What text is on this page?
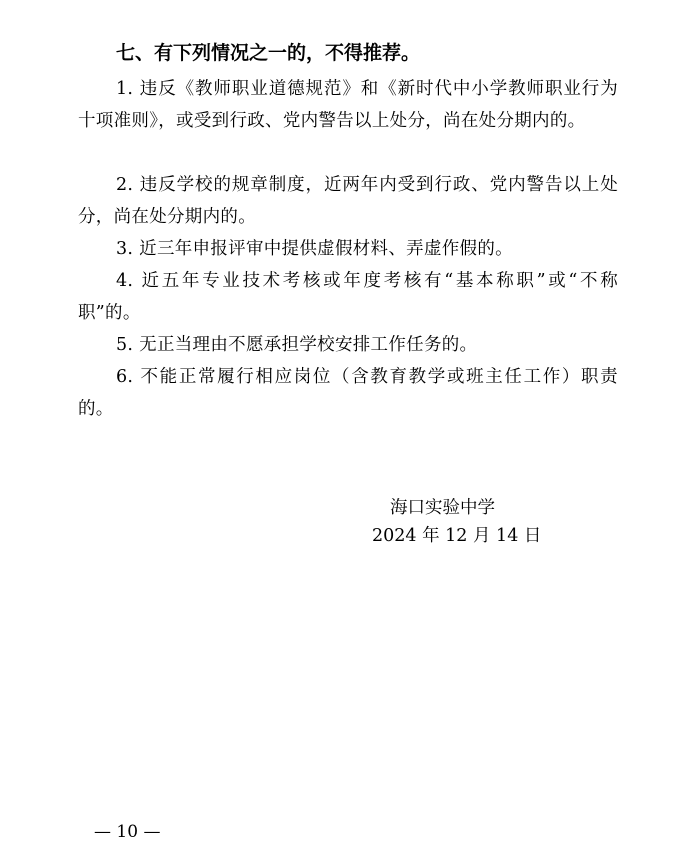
七、有下列情况之一的，不得推荐。

1. 违反《教师职业道德规范》和《新时代中小学教师职业行为十项准则》，或受到行政、党内警告以上处分，尚在处分期内的。

2. 违反学校的规章制度，近两年内受到行政、党内警告以上处分，尚在处分期内的。

3. 近三年申报评审中提供虚假材料、弄虚作假的。

4. 近五年专业技术考核或年度考核有“基本称职”或“不称职”的。

5. 无正当理由不愿承担学校安排工作任务的。

6. 不能正常履行相应岗位（含教育教学或班主任工作）职责的。

海口实验中学
2024 年 12 月 14 日
— 10 —
